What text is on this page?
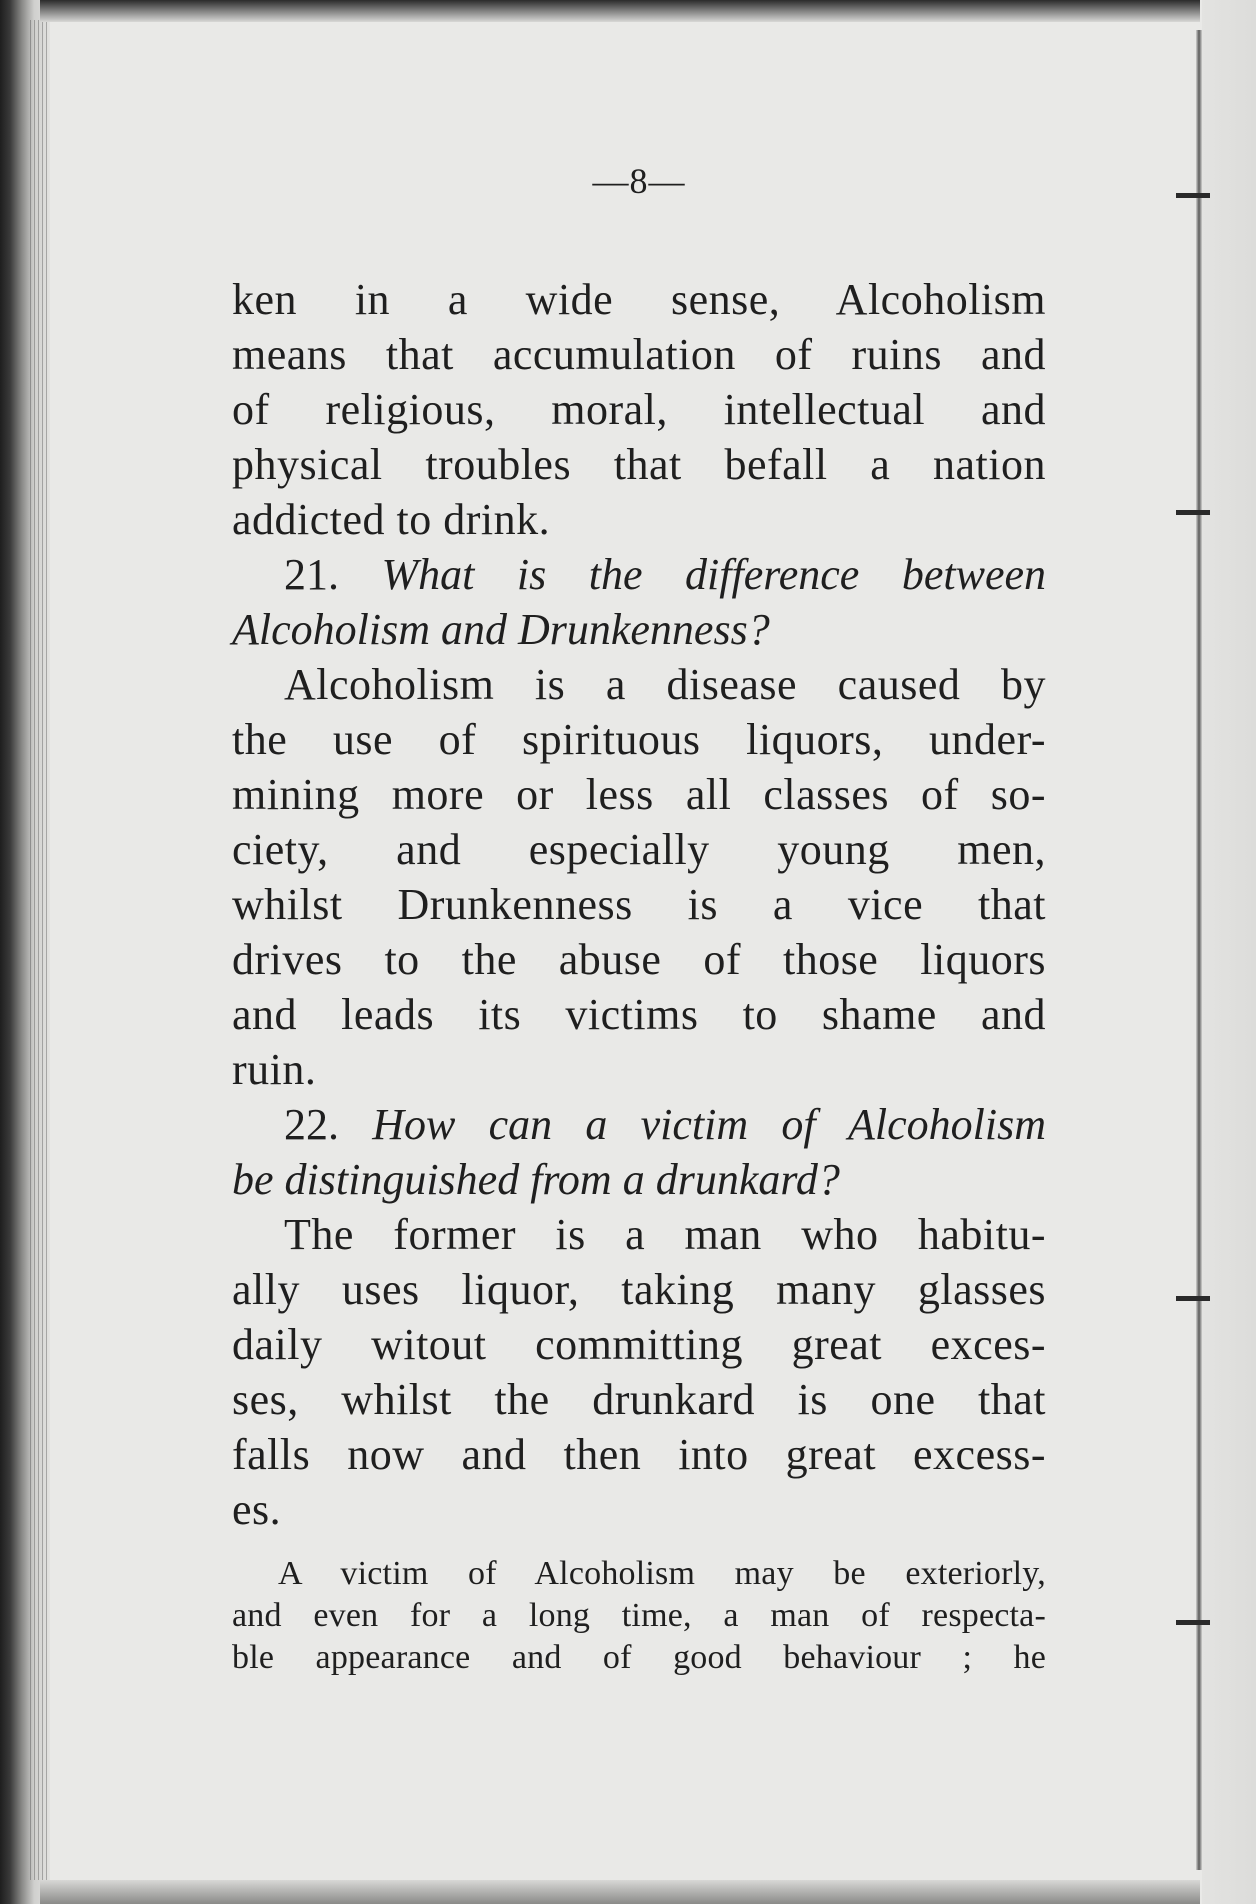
—8—

ken in a wide sense, Alcoholism
means that accumulation of ruins and
of religious, moral, intellectual and
physical troubles that befall a nation
addicted to drink.

21. What is the difference between
Alcoholism and Drunkenness?

Alcoholism is a disease caused by
the use of spirituous liquors, under-
mining more or less all classes of so-
ciety, and especially young men,
whilst Drunkenness is a vice that
drives to the abuse of those liquors
and leads its victims to shame and
ruin.

22. How can a victim of Alcoholism
be distinguished from a drunkard?

The former is a man who habitu-
ally uses liquor, taking many glasses
daily witout committing great exces-
ses, whilst the drunkard is one that
falls now and then into great excess-
es.

A victim of Alcoholism may be exteriorly,
and even for a long time, a man of respecta-
ble appearance and of good behaviour ; he
